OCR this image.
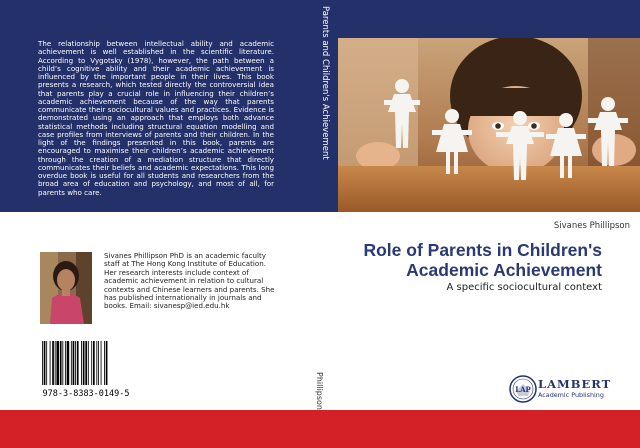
The relationship between intellectual ability and academic achievement is well established in the scientific literature. According to Vygotsky (1978), however, the path between a child’s cognitive ability and their academic achievement is influenced by the important people in their lives. This book presents a research, which tested directly the controversial idea that parents play a crucial role in influencing their children’s academic achievement because of the way that parents communicate their sociocultural values and practices. Evidence is demonstrated using an approach that employs both advance statistical methods including structural equation modelling and case profiles from interviews of parents and their children. In the light of the findings presented in this book, parents are encouraged to maximise their children’s academic achievement through the creation of a mediation structure that directly communicates their beliefs and academic expectations. This long overdue book is useful for all students and researchers from the broad area of education and psychology, and most of all, for parents who care.

Parents and Children's Achievement

Sivanes Phillipson

Role of Parents in Children's Academic Achievement

A specific sociocultural context

Sivanes Phillipson PhD is an academic faculty staff at The Hong Kong Institute of Education. Her research interests include context of academic achievement in relation to cultural contexts and Chinese learners and parents. She has published internationally in journals and books. Email: sivanesp@ied.edu.hk

978-3-8383-0149-5	Phillipson	LAP LAMBERT

Academic Publishing
